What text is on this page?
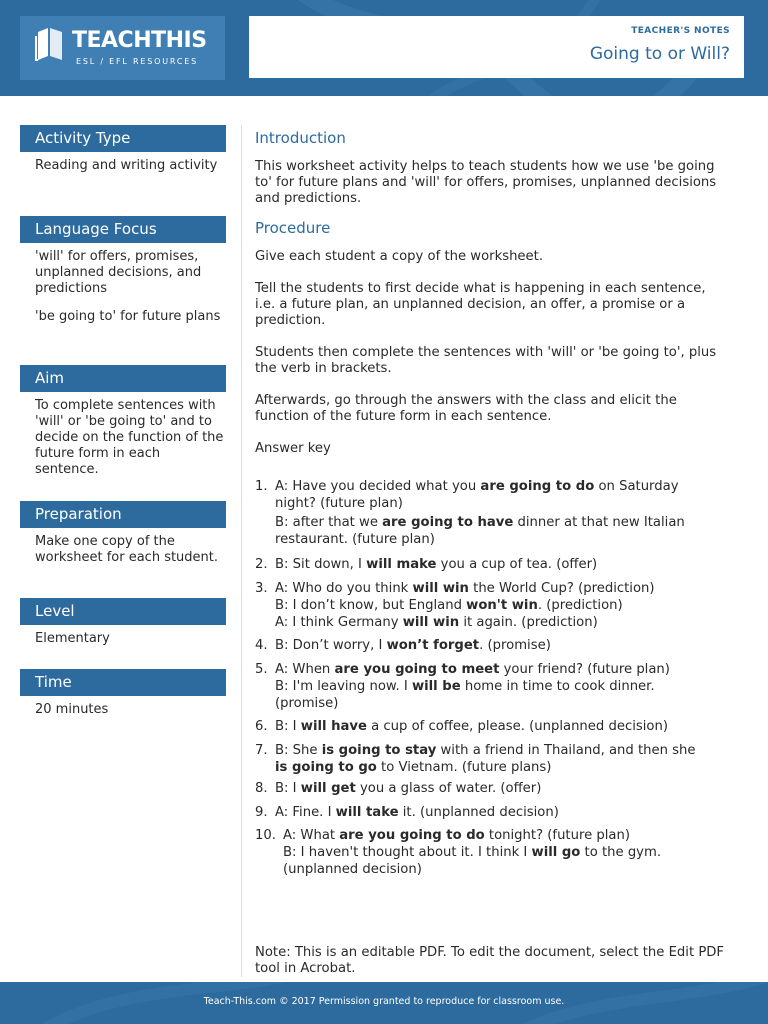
TEACHTHIS
ESL / EFL RESOURCES
TEACHER'S NOTES
Going to or Will?
Activity Type

Reading and writing activity

Language Focus

'will' for offers, promises, unplanned decisions, and predictions

'be going to' for future plans

Aim

To complete sentences with 'will' or 'be going to' and to decide on the function of the future form in each sentence.

Preparation

Make one copy of the worksheet for each student.

Level

Elementary

Time

20 minutes

Introduction

This worksheet activity helps to teach students how we use 'be going to' for future plans and 'will' for offers, promises, unplanned decisions and predictions.

Procedure

Give each student a copy of the worksheet.

Tell the students to first decide what is happening in each sentence, i.e. a future plan, an unplanned decision, an offer, a promise or a prediction.

Students then complete the sentences with 'will' or 'be going to', plus the verb in brackets.

Afterwards, go through the answers with the class and elicit the function of the future form in each sentence.

Answer key

1. A: Have you decided what you are going to do on Saturday
night? (future plan)
B: after that we are going to have dinner at that new Italian
restaurant. (future plan)
2. B: Sit down, I will make you a cup of tea. (offer)
3. A: Who do you think will win the World Cup? (prediction)
B: I don’t know, but England won't win. (prediction)
A: I think Germany will win it again. (prediction)
4. B: Don’t worry, I won’t forget. (promise)
5. A: When are you going to meet your friend? (future plan)
B: I'm leaving now. I will be home in time to cook dinner.
(promise)
6. B: I will have a cup of coffee, please. (unplanned decision)
7. B: She is going to stay with a friend in Thailand, and then she
is going to go to Vietnam. (future plans)
8. B: I will get you a glass of water. (offer)
9. A: Fine. I will take it. (unplanned decision)
10. A: What are you going to do tonight? (future plan)
B: I haven't thought about it. I think I will go to the gym.
(unplanned decision)

Note: This is an editable PDF. To edit the document, select the Edit PDF tool in Acrobat.

Teach-This.com © 2017 Permission granted to reproduce for classroom use.
